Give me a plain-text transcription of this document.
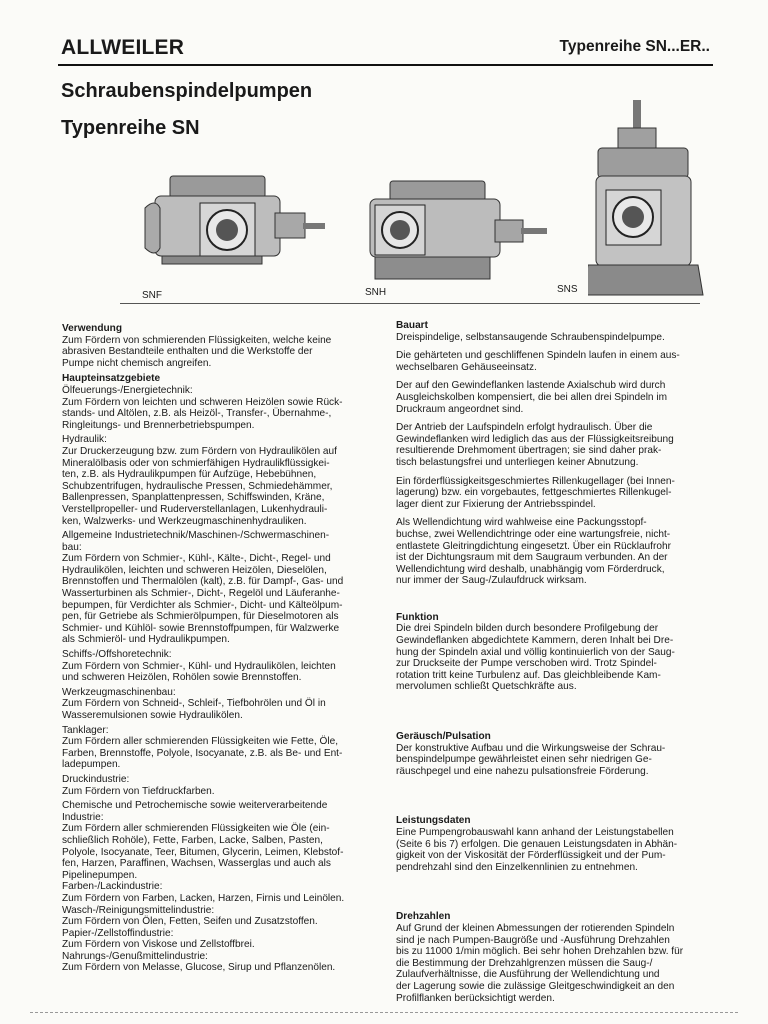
ALLWEILER	Typenreihe SN...ER..
Schraubenspindelpumpen
Typenreihe SN
SNF	SNH	SNS
Verwendung
Zum Fördern von schmierenden Flüssigkeiten, welche keine
abrasiven Bestandteile enthalten und die Werkstoffe der
Pumpe nicht chemisch angreifen.
Haupteinsatzgebiete
Ölfeuerungs-/Energietechnik:
Zum Fördern von leichten und schweren Heizölen sowie Rück-
stands- und Altölen, z.B. als Heizöl-, Transfer-, Übernahme-,
Ringleitungs- und Brennerbetriebspumpen.
Hydraulik:
Zur Druckerzeugung bzw. zum Fördern von Hydraulikölen auf
Mineralölbasis oder von schmierfähigen Hydraulikflüssigkei-
ten, z.B. als Hydraulikpumpen für Aufzüge, Hebebühnen,
Schubzentrifugen, hydraulische Pressen, Schmiedehämmer,
Ballenpressen, Spanplattenpressen, Schiffswinden, Kräne,
Verstellpropeller- und Ruderverstellanlagen, Lukenhydrauli-
ken, Walzwerks- und Werkzeugmaschinenhydrauliken.
Allgemeine Industrietechnik/Maschinen-/Schwermaschinen-
bau:
Zum Fördern von Schmier-, Kühl-, Kälte-, Dicht-, Regel- und
Hydraulikölen, leichten und schweren Heizölen, Dieselölen,
Brennstoffen und Thermalölen (kalt), z.B. für Dampf-, Gas- und
Wasserturbinen als Schmier-, Dicht-, Regelöl und Läuferanhe-
bepumpen, für Verdichter als Schmier-, Dicht- und Kälteölpum-
pen, für Getriebe als Schmierölpumpen, für Dieselmotoren als
Schmier- und Kühlöl- sowie Brennstoffpumpen, für Walzwerke
als Schmieröl- und Hydraulikpumpen.
Schiffs-/Offshoretechnik:
Zum Fördern von Schmier-, Kühl- und Hydraulikölen, leichten
und schweren Heizölen, Rohölen sowie Brennstoffen.
Werkzeugmaschinenbau:
Zum Fördern von Schneid-, Schleif-, Tiefbohrölen und Öl in
Wasseremulsionen sowie Hydraulikölen.
Tanklager:
Zum Fördern aller schmierenden Flüssigkeiten wie Fette, Öle,
Farben, Brennstoffe, Polyole, Isocyanate, z.B. als Be- und Ent-
ladepumpen.
Druckindustrie:
Zum Fördern von Tiefdruckfarben.
Chemische und Petrochemische sowie weiterverarbeitende
Industrie:
Zum Fördern aller schmierenden Flüssigkeiten wie Öle (ein-
schließlich Rohöle), Fette, Farben, Lacke, Salben, Pasten,
Polyole, Isocyanate, Teer, Bitumen, Glycerin, Leimen, Klebstof-
fen, Harzen, Paraffinen, Wachsen, Wasserglas und auch als
Pipelinepumpen.
Farben-/Lackindustrie:
Zum Fördern von Farben, Lacken, Harzen, Firnis und Leinölen.
Wasch-/Reinigungsmittelindustrie:
Zum Fördern von Ölen, Fetten, Seifen und Zusatzstoffen.
Papier-/Zellstoffindustrie:
Zum Fördern von Viskose und Zellstoffbrei.
Nahrungs-/Genußmittelindustrie:
Zum Fördern von Melasse, Glucose, Sirup und Pflanzenölen.
Bauart
Dreispindelige, selbstansaugende Schraubenspindelpumpe.
Die gehärteten und geschliffenen Spindeln laufen in einem aus-
wechselbaren Gehäuseeinsatz.
Der auf den Gewindeflanken lastende Axialschub wird durch
Ausgleichskolben kompensiert, die bei allen drei Spindeln im
Druckraum angeordnet sind.
Der Antrieb der Laufspindeln erfolgt hydraulisch. Über die
Gewindeflanken wird lediglich das aus der Flüssigkeitsreibung
resultierende Drehmoment übertragen; sie sind daher prak-
tisch belastungsfrei und unterliegen keiner Abnutzung.
Ein förderflüssigkeitsgeschmiertes Rillenkugellager (bei Innen-
lagerung) bzw. ein vorgebautes, fettgeschmiertes Rillenkugel-
lager dient zur Fixierung der Antriebsspindel.
Als Wellendichtung wird wahlweise eine Packungsstopf-
buchse, zwei Wellendichtringe oder eine wartungsfreie, nicht-
entlastete Gleitringdichtung eingesetzt. Über ein Rücklaufrohr
ist der Dichtungsraum mit dem Saugraum verbunden. An der
Wellendichtung wird deshalb, unabhängig vom Förderdruck,
nur immer der Saug-/Zulaufdruck wirksam.
Funktion
Die drei Spindeln bilden durch besondere Profilgebung der
Gewindeflanken abgedichtete Kammern, deren Inhalt bei Dre-
hung der Spindeln axial und völlig kontinuierlich von der Saug-
zur Druckseite der Pumpe verschoben wird. Trotz Spindel-
rotation tritt keine Turbulenz auf. Das gleichbleibende Kam-
mervolumen schließt Quetschkräfte aus.
Geräusch/Pulsation
Der konstruktive Aufbau und die Wirkungsweise der Schrau-
benspindelpumpe gewährleistet einen sehr niedrigen Ge-
räuschpegel und eine nahezu pulsationsfreie Förderung.
Leistungsdaten
Eine Pumpengrobauswahl kann anhand der Leistungstabellen
(Seite 6 bis 7) erfolgen. Die genauen Leistungsdaten in Abhän-
gigkeit von der Viskosität der Förderflüssigkeit und der Pum-
pendrehzahl sind den Einzelkennlinien zu entnehmen.
Drehzahlen
Auf Grund der kleinen Abmessungen der rotierenden Spindeln
sind je nach Pumpen-Baugröße und -Ausführung Drehzahlen
bis zu 11000 1/min möglich. Bei sehr hohen Drehzahlen bzw. für
die Bestimmung der Drehzahlgrenzen müssen die Saug-/
Zulaufverhältnisse, die Ausführung der Wellendichtung und
der Lagerung sowie die zulässige Gleitgeschwindigkeit an den
Profilflanken berücksichtigt werden.
